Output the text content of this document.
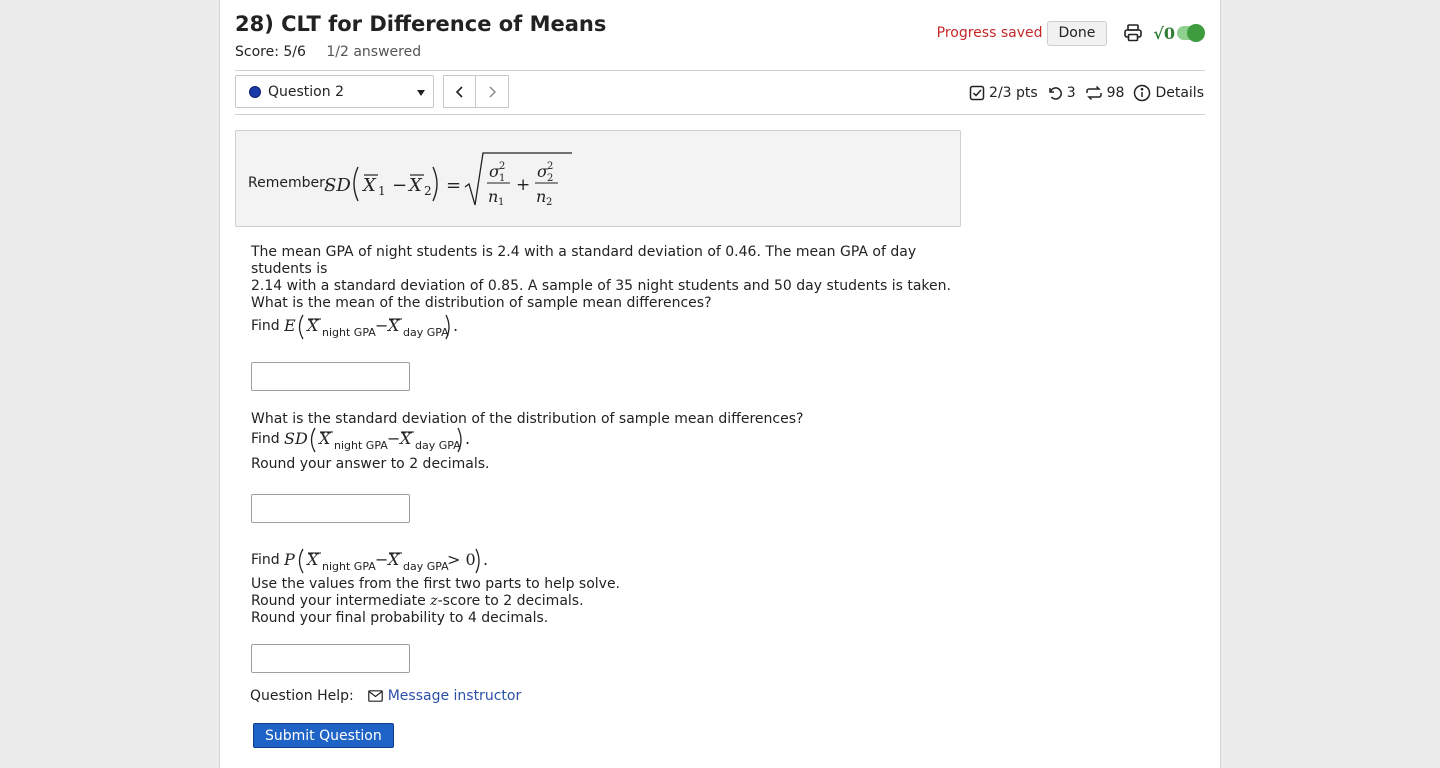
28) CLT for Difference of Means
Score: 5/6 1/2 answered
Progress saved	Done	√0
Question 2	2/3 pts 3 98 Details
Remember,
SD X 1 − X 2 =
σ 2
1
n 1
+
σ 2
2
n 2
The mean GPA of night students is 2.4 with a standard deviation of 0.46. The mean GPA of day students is
2.14 with a standard deviation of 0.85. A sample of 35 night students and 50 day students is taken.
What is the mean of the distribution of sample mean differences?
Find E X night GPA − X day GPA .
What is the standard deviation of the distribution of sample mean differences?
Find SD X night GPA − X day GPA .
Round your answer to 2 decimals.
Find P X night GPA − X day GPA
> 0 .
Use the values from the first two parts to help solve.
Round your intermediate z-score to 2 decimals.
Round your final probability to 4 decimals.
Question Help: Message instructor
Submit Question
